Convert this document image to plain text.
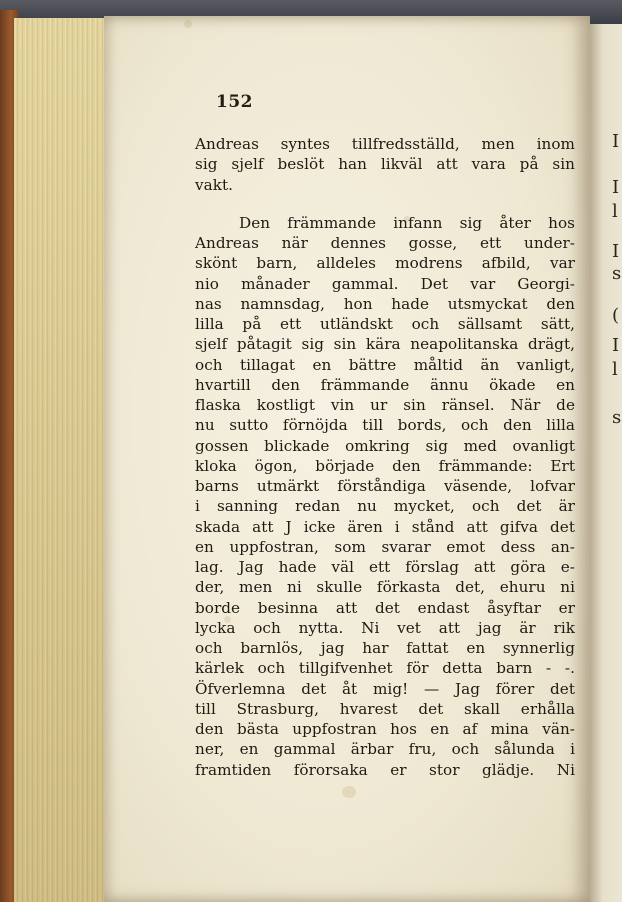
I
I
l
I
s
(
I
l
s
152
Andreas syntes tillfredsställd, men inom
sig sjelf beslöt han likväl att vara på sin
vakt.
Den främmande infann sig åter hos
Andreas när dennes gosse, ett under-
skönt barn, alldeles modrens afbild, var
nio månader gammal. Det var Georgi-
nas namnsdag, hon hade utsmyckat den
lilla på ett utländskt och sällsamt sätt,
sjelf påtagit sig sin kära neapolitanska drägt,
och tillagat en bättre måltid än vanligt,
hvartill den främmande ännu ökade en
flaska kostligt vin ur sin ränsel. När de
nu sutto förnöjda till bords, och den lilla
gossen blickade omkring sig med ovanligt
kloka ögon, började den främmande: Ert
barns utmärkt förståndiga väsende, lofvar
i sanning redan nu mycket, och det är
skada att J icke ären i stånd att gifva det
en uppfostran, som svarar emot dess an-
lag. Jag hade väl ett förslag att göra e-
der, men ni skulle förkasta det, ehuru ni
borde besinna att det endast åsyftar er
lycka och nytta. Ni vet att jag är rik
och barnlös, jag har fattat en synnerlig
kärlek och tillgifvenhet för detta barn - -.
Öfverlemna det åt mig! — Jag förer det
till Strasburg, hvarest det skall erhålla
den bästa uppfostran hos en af mina vän-
ner, en gammal ärbar fru, och sålunda i
framtiden förorsaka er stor glädje. Ni
